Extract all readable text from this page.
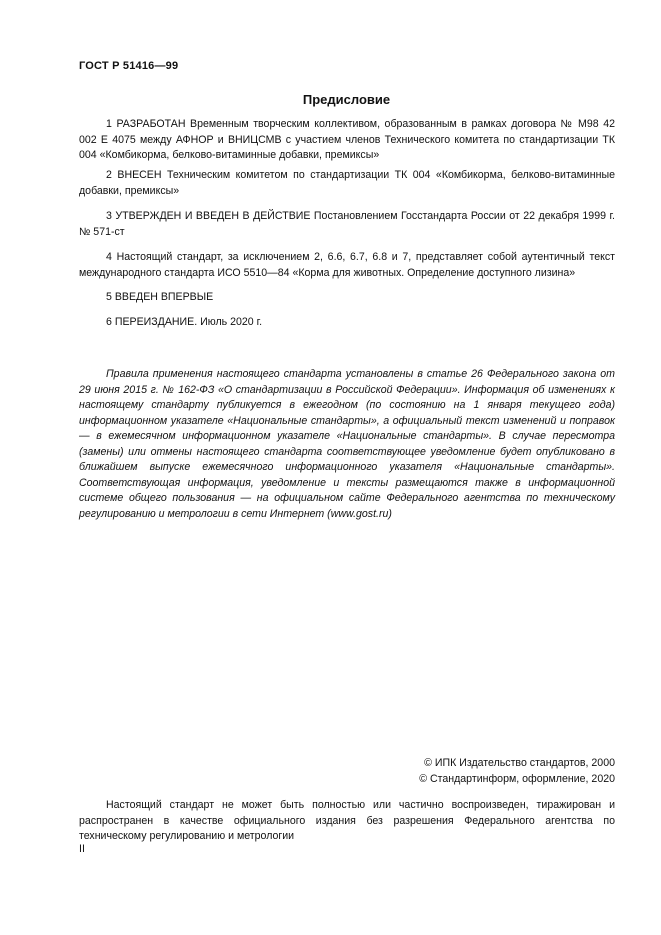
ГОСТ Р 51416—99
Предисловие

1 РАЗРАБОТАН Временным творческим коллективом, образованным в рамках договора № М98 42 002 Е 4075 между АФНОР и ВНИЦСМВ с участием членов Технического комитета по стандартизации ТК 004 «Комбикорма, белково-витаминные добавки, премиксы»

2 ВНЕСЕН Техническим комитетом по стандартизации ТК 004 «Комбикорма, белково-витаминные добавки, премиксы»

3 УТВЕРЖДЕН И ВВЕДЕН В ДЕЙСТВИЕ Постановлением Госстандарта России от 22 декабря 1999 г. № 571-ст

4 Настоящий стандарт, за исключением 2, 6.6, 6.7, 6.8 и 7, представляет собой аутентичный текст международного стандарта ИСО 5510—84 «Корма для животных. Определение доступного лизина»

5 ВВЕДЕН ВПЕРВЫЕ

6 ПЕРЕИЗДАНИЕ. Июль 2020 г.

Правила применения настоящего стандарта установлены в статье 26 Федерального закона от 29 июня 2015 г. № 162-ФЗ «О стандартизации в Российской Федерации». Информация об изменениях к настоящему стандарту публикуется в ежегодном (по состоянию на 1 января текущего года) информационном указателе «Национальные стандарты», а официальный текст изменений и поправок — в ежемесячном информационном указателе «Национальные стандарты». В случае пересмотра (замены) или отмены настоящего стандарта соответствующее уведомление будет опубликовано в ближайшем выпуске ежемесячного информационного указателя «Национальные стандарты». Соответствующая информация, уведомление и тексты размещаются также в информационной системе общего пользования — на официальном сайте Федерального агентства по техническому регулированию и метрологии в сети Интернет (www.gost.ru)

© ИПК Издательство стандартов, 2000
© Стандартинформ, оформление, 2020

Настоящий стандарт не может быть полностью или частично воспроизведен, тиражирован и распространен в качестве официального издания без разрешения Федерального агентства по техническому регулированию и метрологии

II
